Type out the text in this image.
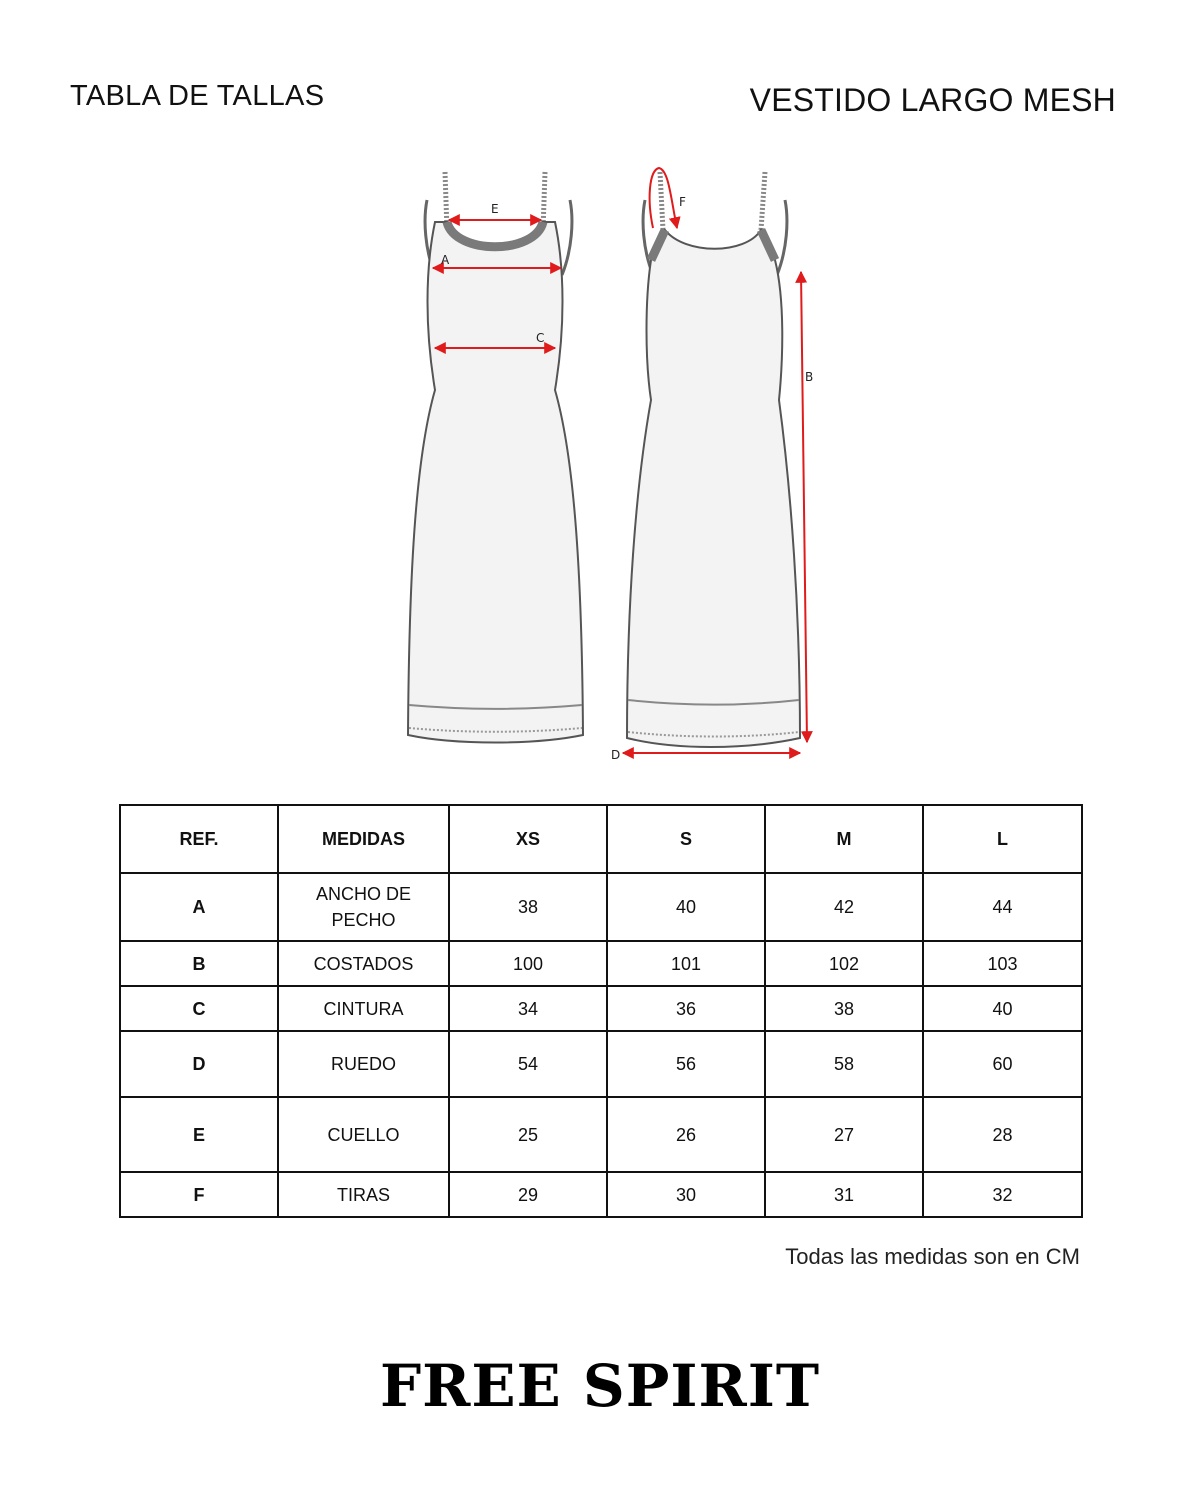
TABLA DE TALLAS	VESTIDO LARGO MESH
E
A
C
F
B
D
REF.	MEDIDAS	XS	S	M	L
A	ANCHO DE PECHO	38	40	42	44
B	COSTADOS	100	101	102	103
C	CINTURA	34	36	38	40
D	RUEDO	54	56	58	60
E	CUELLO	25	26	27	28
F	TIRAS	29	30	31	32
Todas las medidas son en CM
FREE SPIRIT
